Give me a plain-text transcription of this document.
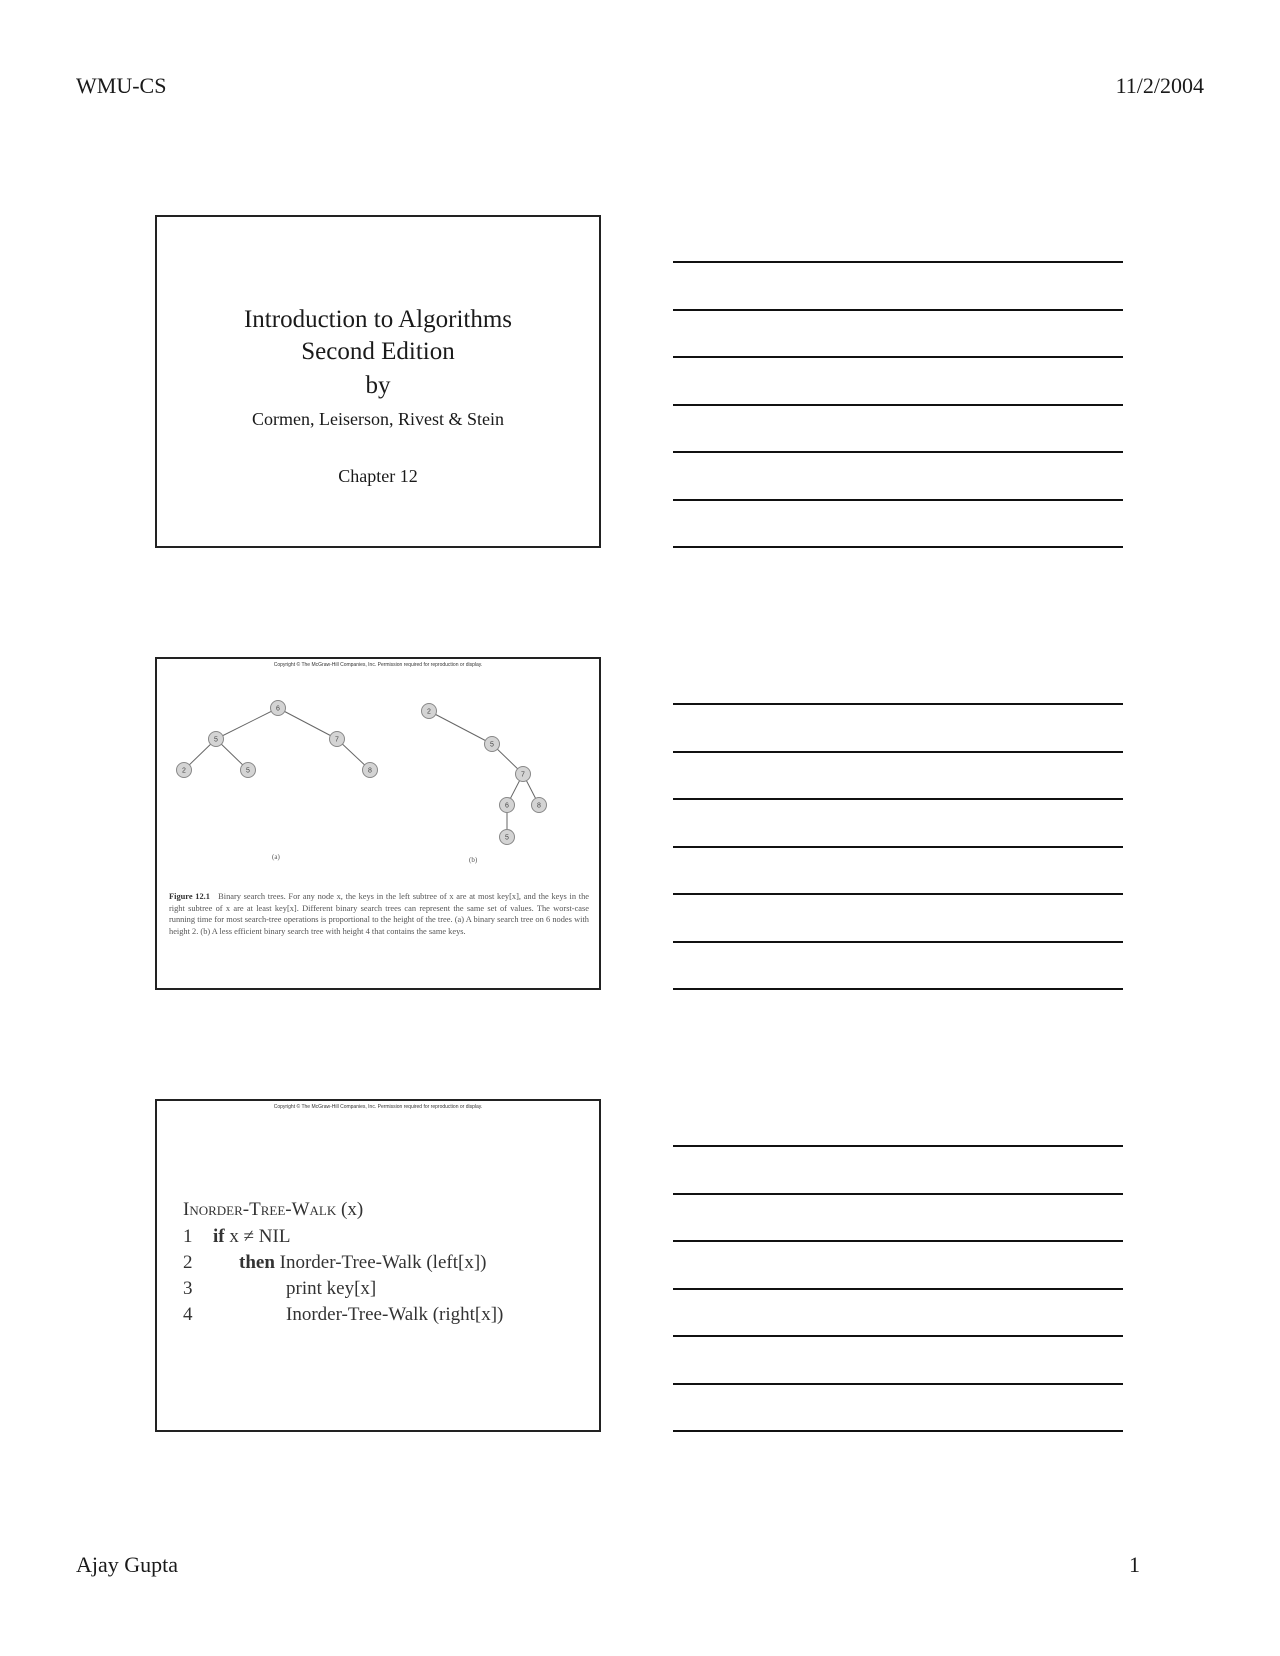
WMU-CS	11/2/2004
Introduction to Algorithms
Second Edition
by
Cormen, Leiserson, Rivest & Stein
Chapter 12
Copyright © The McGraw-Hill Companies, Inc. Permission required for reproduction or display.
6
5	7
2	5	8
2
5
7
6	8
5
(a)	(b)
Figure 12.1 Binary search trees. For any node x, the keys in the left subtree of x are at most key[x], and the keys in the right subtree of x are at least key[x]. Different binary search trees can represent the same set of values. The worst-case running time for most search-tree operations is proportional to the height of the tree. (a) A binary search tree on 6 nodes with height 2. (b) A less efficient binary search tree with height 4 that contains the same keys.
Copyright © The McGraw-Hill Companies, Inc. Permission required for reproduction or display.
Inorder-Tree-Walk (x)
1 if x ≠ NIL
2 then Inorder-Tree-Walk (left[x])
3	print key[x]
4	Inorder-Tree-Walk (right[x])
Ajay Gupta	1
